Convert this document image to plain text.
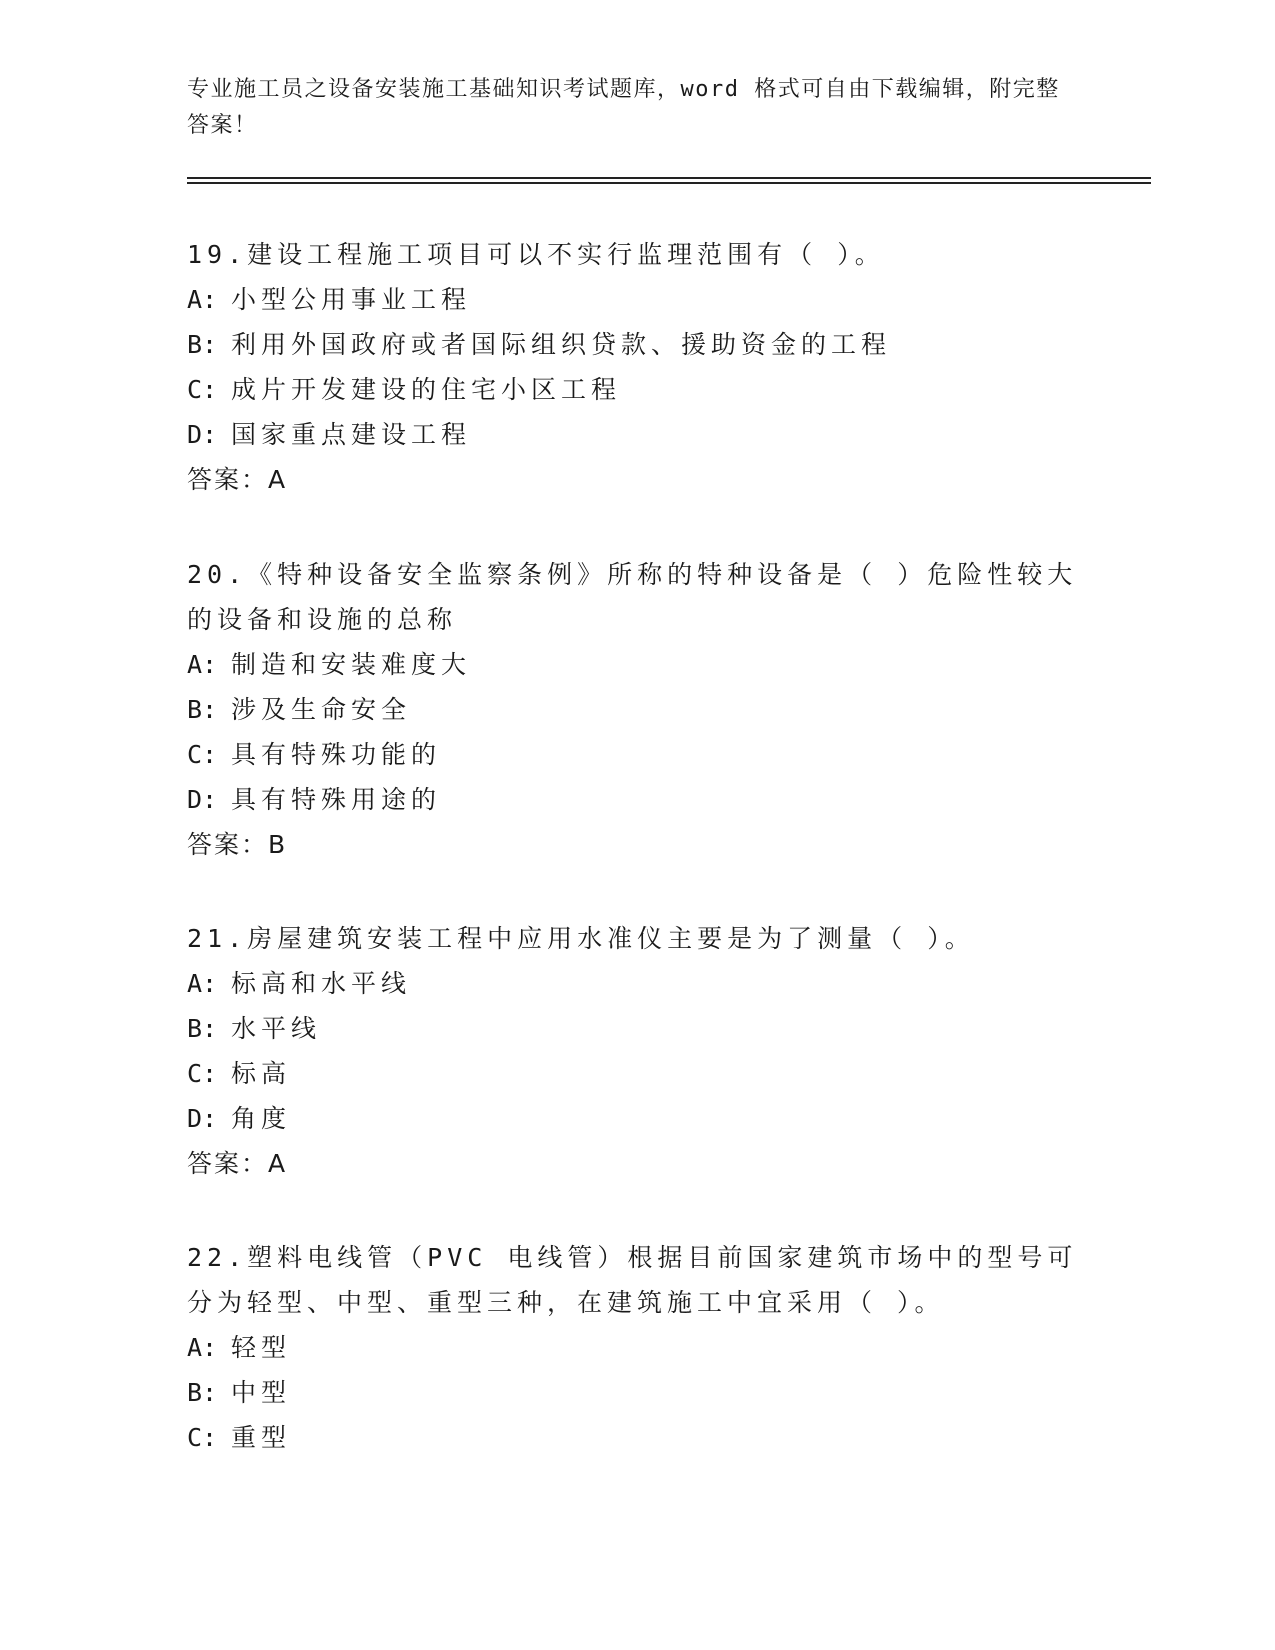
专业施工员之设备安装施工基础知识考试题库，word 格式可自由下载编辑，附完整答案！

19.建设工程施工项目可以不实行监理范围有（ ）。

A: 小型公用事业工程

B: 利用外国政府或者国际组织贷款、援助资金的工程

C: 成片开发建设的住宅小区工程

D: 国家重点建设工程

答案：A

20.《特种设备安全监察条例》所称的特种设备是（ ）危险性较大的设备和设施的总称

A: 制造和安装难度大

B: 涉及生命安全

C: 具有特殊功能的

D: 具有特殊用途的

答案：B

21.房屋建筑安装工程中应用水准仪主要是为了测量（ ）。

A: 标高和水平线

B: 水平线

C: 标高

D: 角度

答案：A

22.塑料电线管（PVC 电线管）根据目前国家建筑市场中的型号可分为轻型、中型、重型三种，在建筑施工中宜采用（ ）。

A: 轻型

B: 中型

C: 重型
